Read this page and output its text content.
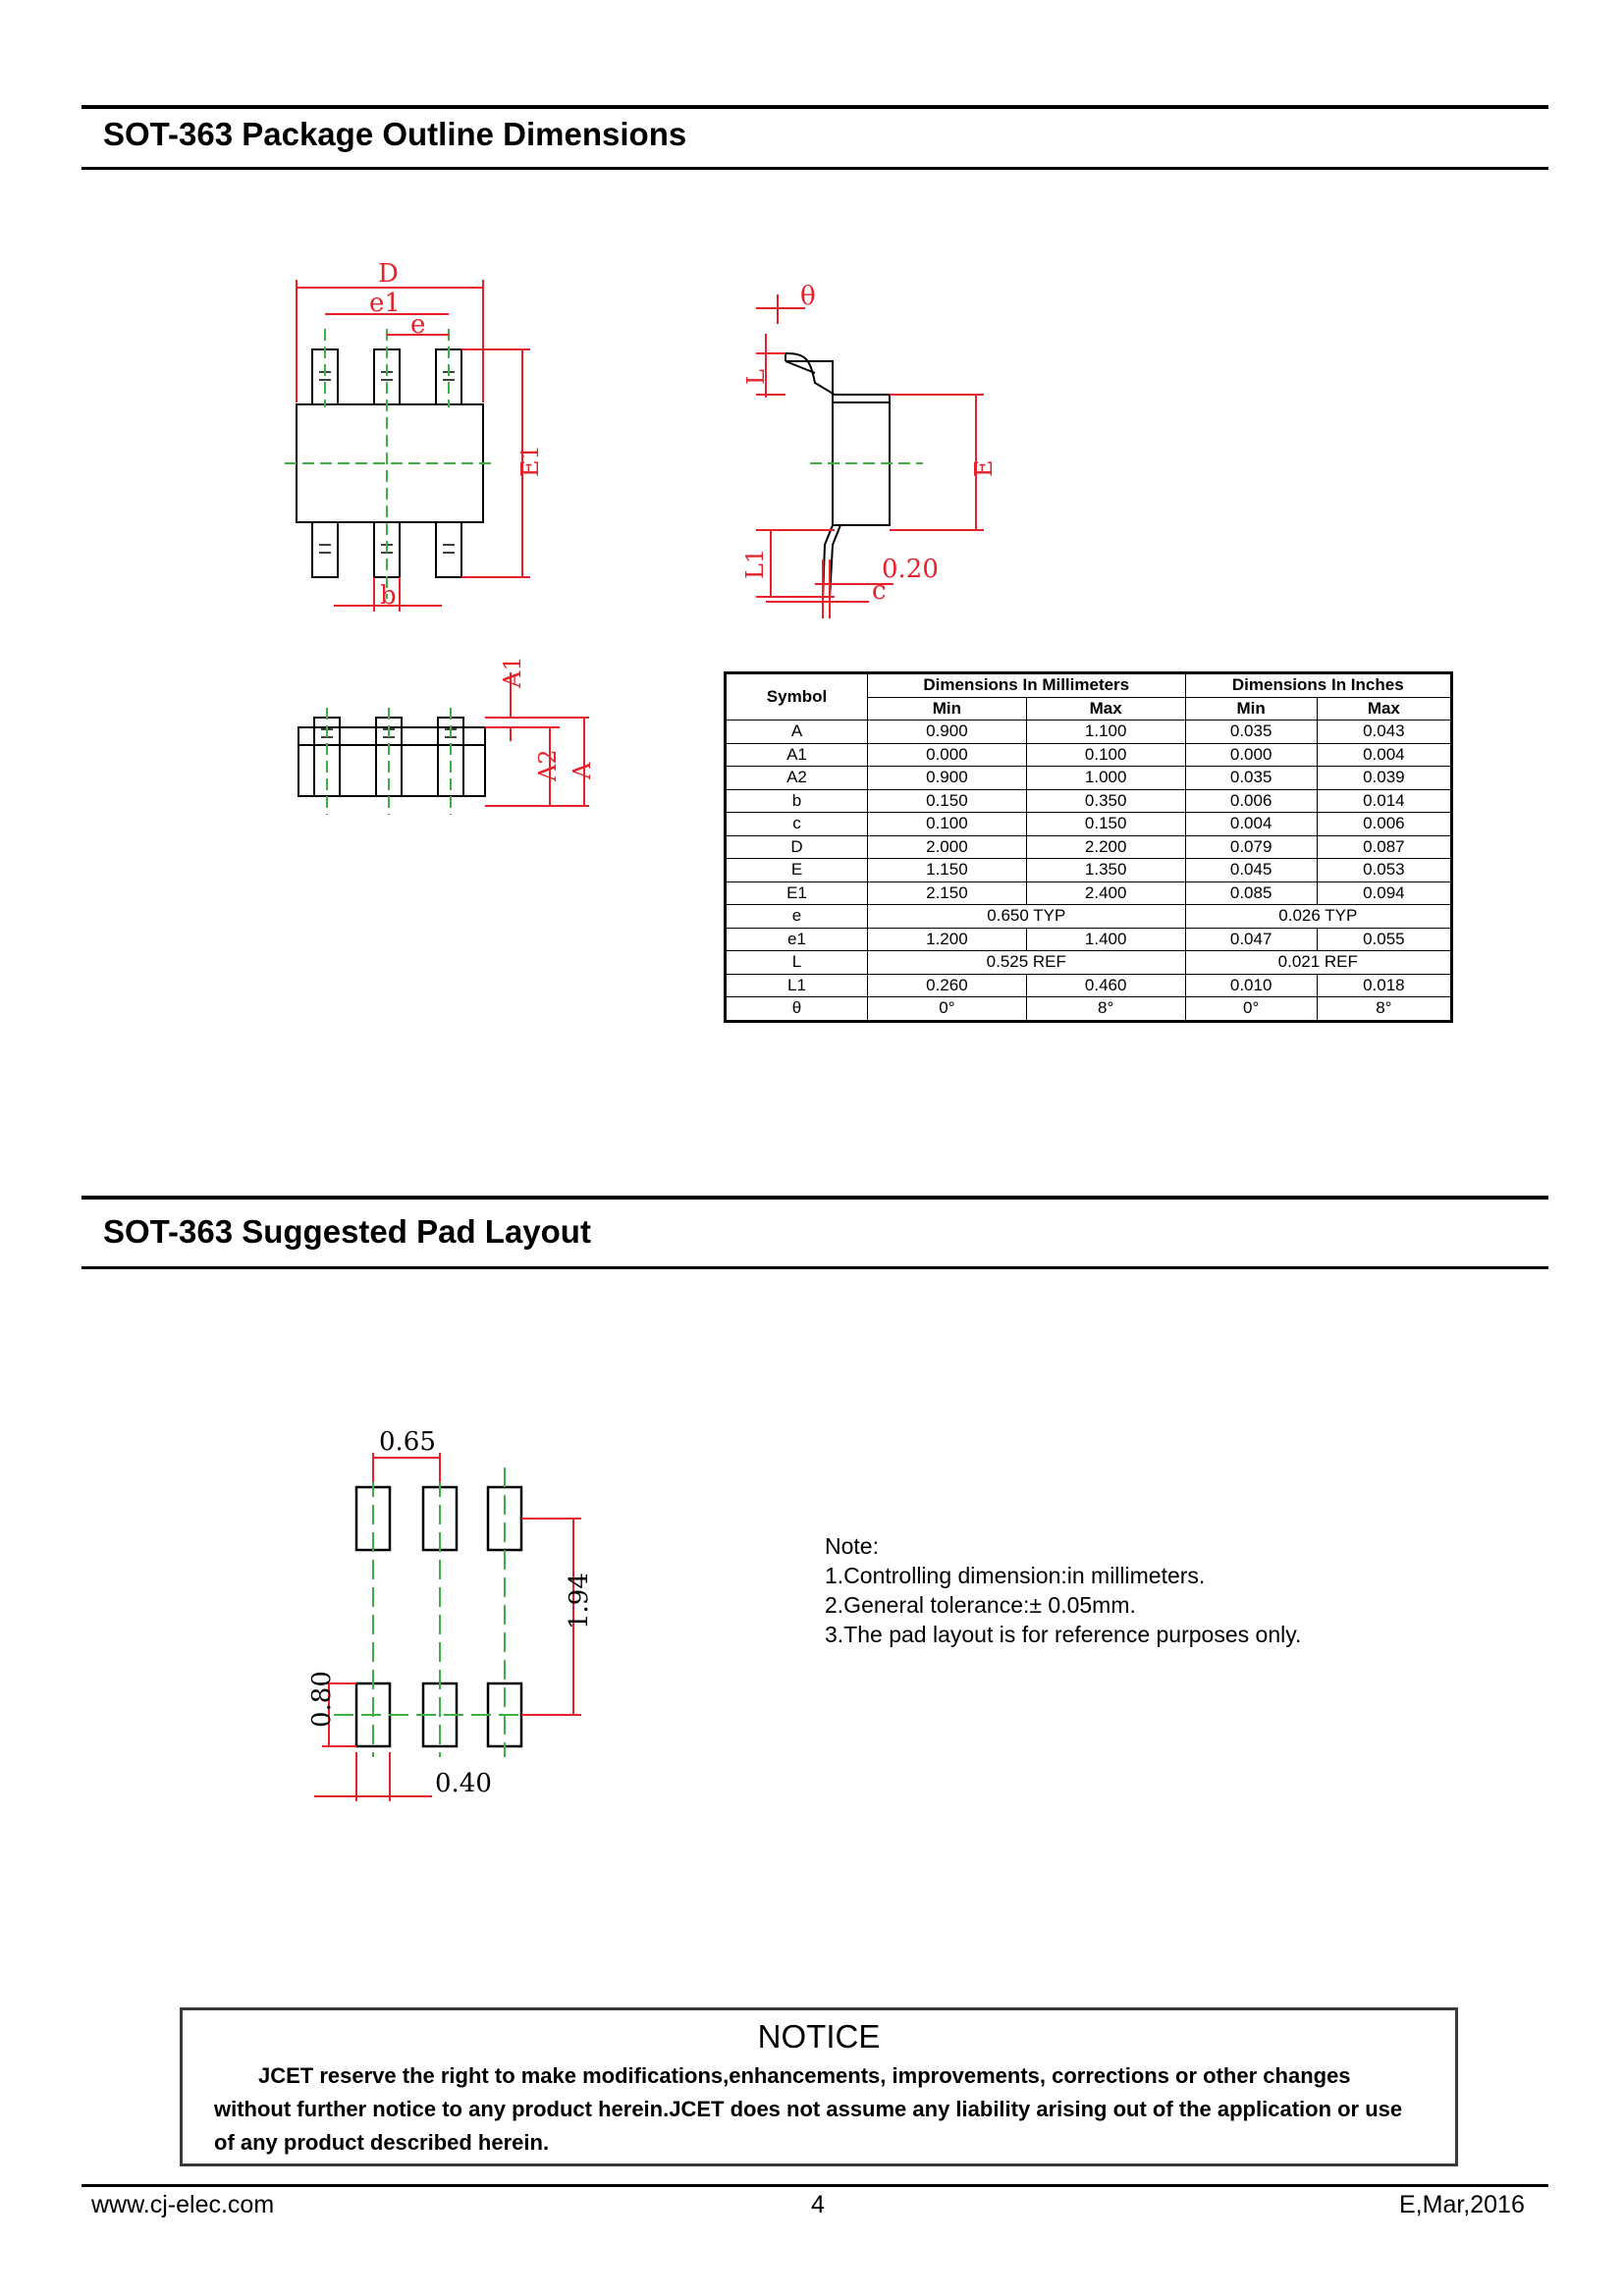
SOT-363 Package Outline Dimensions
D
e1
e
E1
b
θ
L
E
L1	0.20
c
A1
A2 A
Symbol	Dimensions In Millimeters		Dimensions In Inches	
	Min	Max	Min	Max
A	0.900	1.100	0.035	0.043
A1	0.000	0.100	0.000	0.004
A2	0.900	1.000	0.035	0.039
b	0.150	0.350	0.006	0.014
c	0.100	0.150	0.004	0.006
D	2.000	2.200	0.079	0.087
E	1.150	1.350	0.045	0.053
E1	2.150	2.400	0.085	0.094
e	0.650 TYP		0.026 TYP	
e1	1.200	1.400	0.047	0.055
L	0.525 REF		0.021 REF	
L1	0.260	0.460	0.010	0.018
θ	0°	8°	0°	8°
SOT-363 Suggested Pad Layout
0.65
1.94
0.80
0.40
Note:
1.Controlling dimension:in millimeters.
2.General tolerance:± 0.05mm.
3.The pad layout is for reference purposes only.
NOTICE
JCET reserve the right to make modifications,enhancements, improvements, corrections or other changes
without further notice to any product herein.JCET does not assume any liability arising out of the application or use
of any product described herein.
www.cj-elec.com	4	E,Mar,2016
